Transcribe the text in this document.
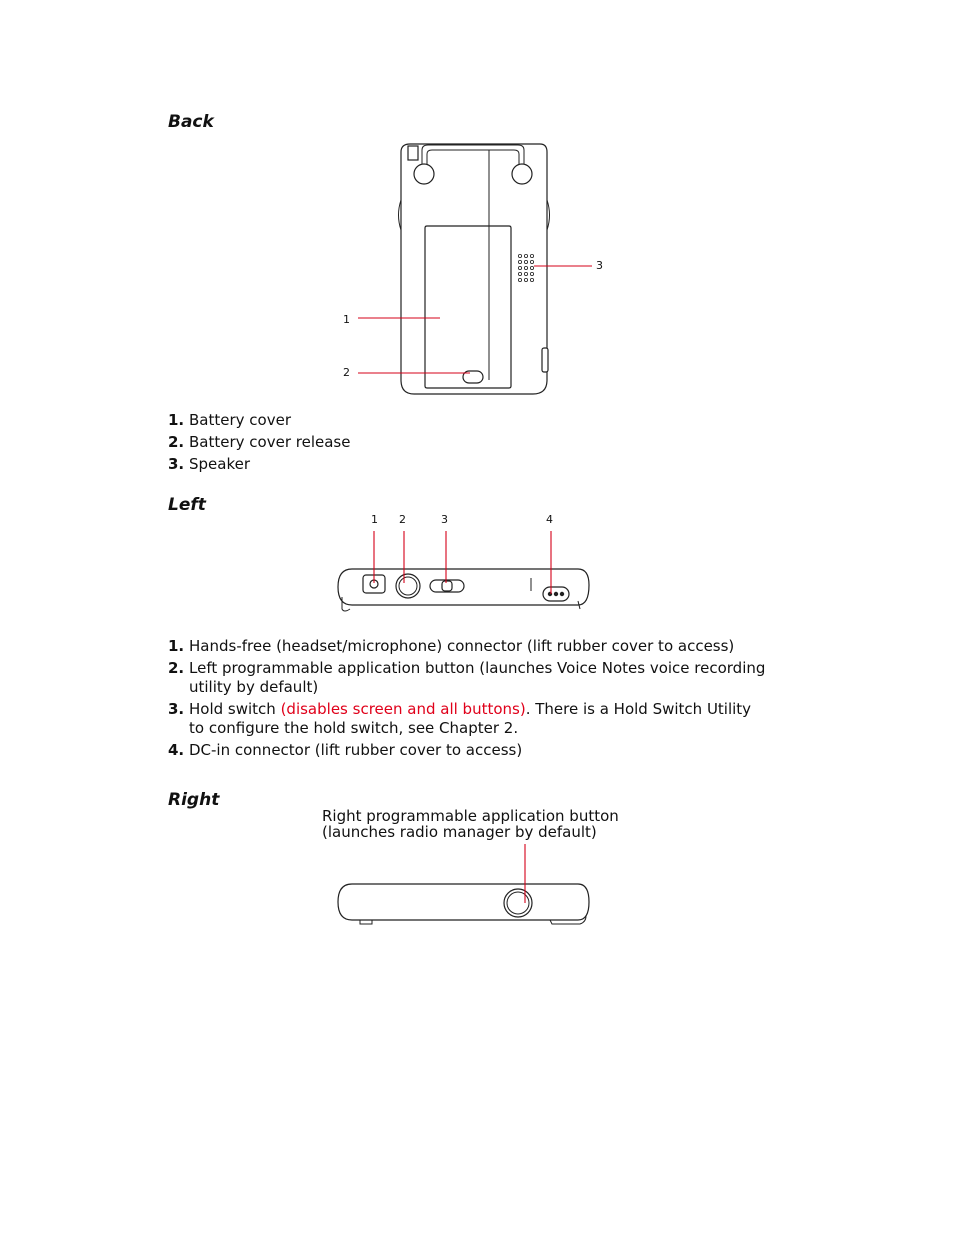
Back
1
2
3
1. Battery cover
2. Battery cover release
3. Speaker
Left
1 2	3	4
1. Hands-free (headset/microphone) connector (lift rubber cover to access)
2. Left programmable application button (launches Voice Notes voice recording utility by default)
3. Hold switch (disables screen and all buttons). There is a Hold Switch Utility to configure the hold switch, see Chapter 2.
4. DC-in connector (lift rubber cover to access)
Right
Right programmable application button
(launches radio manager by default)
